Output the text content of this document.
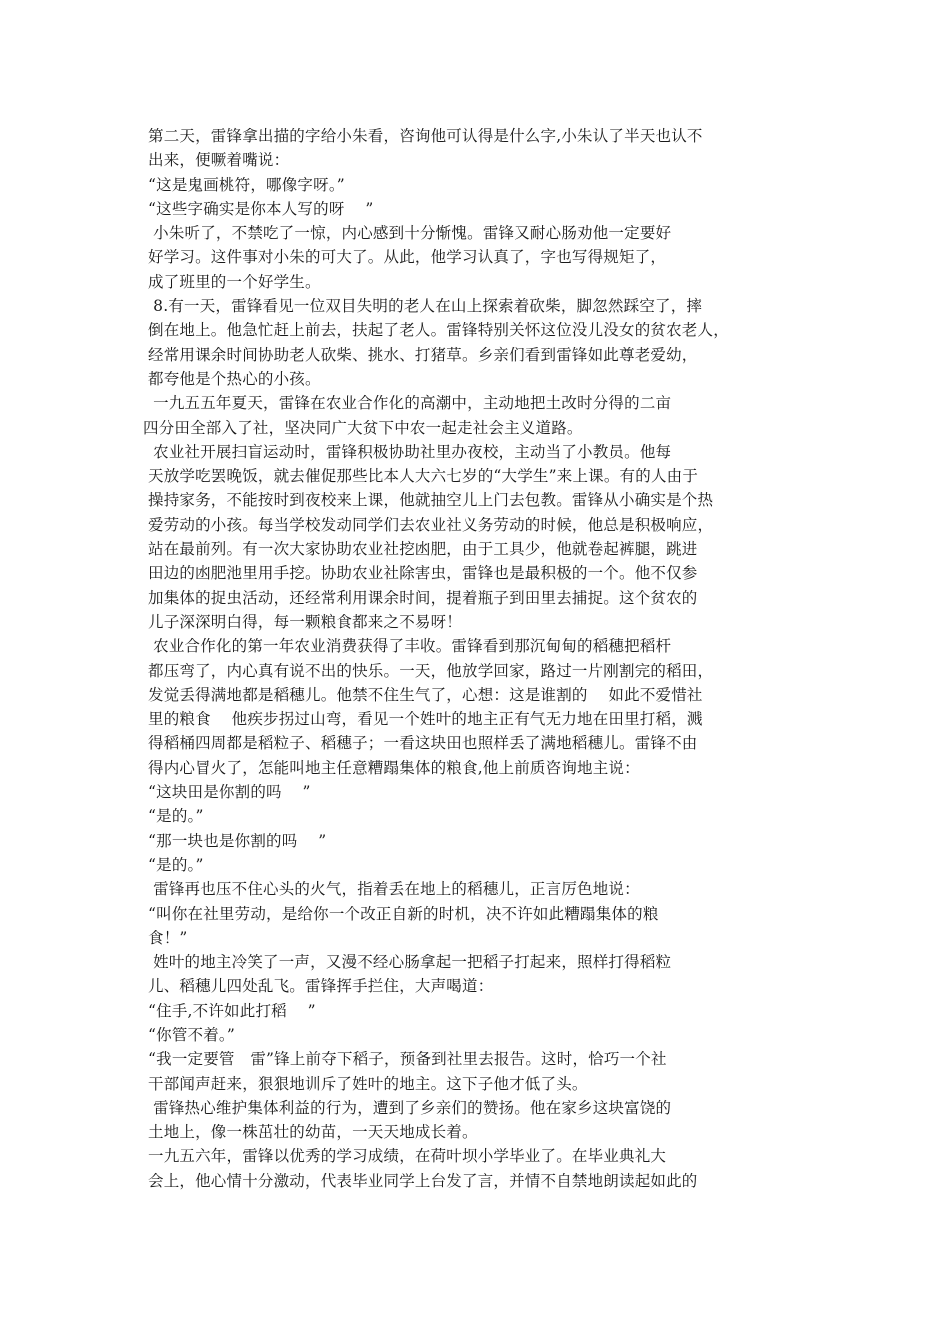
第二天，雷锋拿出描的字给小朱看，咨询他可认得是什么字,小朱认了半天也认不
出来，便噘着嘴说：
“这是鬼画桃符，哪像字呀。”
“这些字确实是你本人写的呀　 ”
小朱听了，不禁吃了一惊，内心感到十分惭愧。雷锋又耐心肠劝他一定要好
好学习。这件事对小朱的可大了。从此，他学习认真了，字也写得规矩了，
成了班里的一个好学生。
8.有一天，雷锋看见一位双目失明的老人在山上探索着砍柴，脚忽然踩空了，摔
倒在地上。他急忙赶上前去，扶起了老人。雷锋特别关怀这位没儿没女的贫农老人，
经常用课余时间协助老人砍柴、挑水、打猪草。乡亲们看到雷锋如此尊老爱幼，
都夸他是个热心的小孩。
一九五五年夏天，雷锋在农业合作化的高潮中，主动地把土改时分得的二亩
四分田全部入了社，坚决同广大贫下中农一起走社会主义道路。
农业社开展扫盲运动时，雷锋积极协助社里办夜校，主动当了小教员。他每
天放学吃罢晚饭，就去催促那些比本人大六七岁的“大学生”来上课。有的人由于
操持家务，不能按时到夜校来上课，他就抽空儿上门去包教。雷锋从小确实是个热
爱劳动的小孩。每当学校发动同学们去农业社义务劳动的时候，他总是积极响应，
站在最前列。有一次大家协助农业社挖凼肥，由于工具少，他就卷起裤腿，跳进
田边的凼肥池里用手挖。协助农业社除害虫，雷锋也是最积极的一个。他不仅参
加集体的捉虫活动，还经常利用课余时间，提着瓶子到田里去捕捉。这个贫农的
儿子深深明白得，每一颗粮食都来之不易呀！
农业合作化的第一年农业消费获得了丰收。雷锋看到那沉甸甸的稻穗把稻杆
都压弯了，内心真有说不出的快乐。一天，他放学回家，路过一片刚割完的稻田，
发觉丢得满地都是稻穗儿。他禁不住生气了，心想：这是谁割的　 如此不爱惜社
里的粮食　 他疾步拐过山弯，看见一个姓叶的地主正有气无力地在田里打稻，溅
得稻桶四周都是稻粒子、稻穗子；一看这块田也照样丢了满地稻穗儿。雷锋不由
得内心冒火了，怎能叫地主任意糟蹋集体的粮食,他上前质咨询地主说：
“这块田是你割的吗　 ”
“是的。”
“那一块也是你割的吗　 ”
“是的。”
雷锋再也压不住心头的火气，指着丢在地上的稻穗儿，正言厉色地说：
“叫你在社里劳动，是给你一个改正自新的时机，决不许如此糟蹋集体的粮
食！”
姓叶的地主冷笑了一声，又漫不经心肠拿起一把稻子打起来，照样打得稻粒
儿、稻穗儿四处乱飞。雷锋挥手拦住，大声喝道：
“住手,不许如此打稻　 ”
“你管不着。”
“我一定要管　雷”锋上前夺下稻子，预备到社里去报告。这时，恰巧一个社
干部闻声赶来，狠狠地训斥了姓叶的地主。这下子他才低了头。
雷锋热心维护集体利益的行为，遭到了乡亲们的赞扬。他在家乡这块富饶的
土地上，像一株茁壮的幼苗，一天天地成长着。
一九五六年，雷锋以优秀的学习成绩，在荷叶坝小学毕业了。在毕业典礼大
会上，他心情十分激动，代表毕业同学上台发了言，并情不自禁地朗读起如此的
